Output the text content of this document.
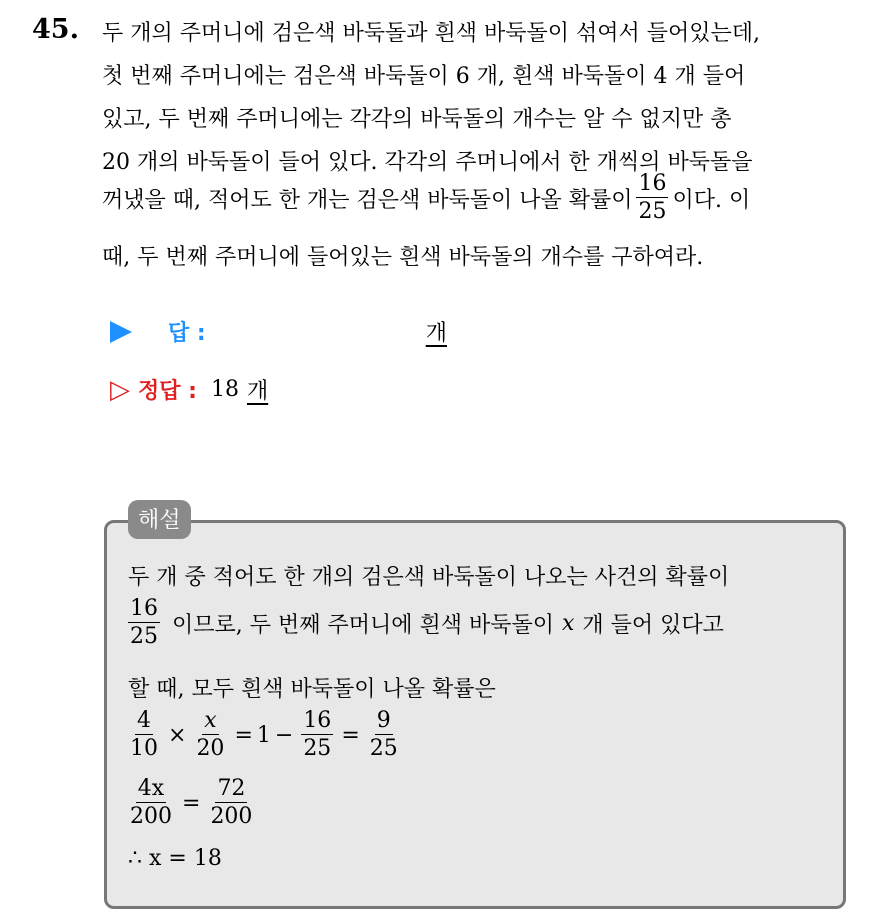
45. 두 개의 주머니에 검은색 바둑돌과 흰색 바둑돌이 섞여서 들어있는데,
첫 번째 주머니에는 검은색 바둑돌이 6 개, 흰색 바둑돌이 4 개 들어
있고, 두 번째 주머니에는 각각의 바둑돌의 개수는 알 수 없지만 총
20 개의 바둑돌이 들어 있다. 각각의 주머니에서 한 개씩의 바둑돌을
꺼냈을 때, 적어도 한 개는 검은색 바둑돌이 나올 확률이 $\frac{16}{25}$ 이다. 이
때, 두 번째 주머니에 들어있는 흰색 바둑돌의 개수를 구하여라.
답 :	개
▷ 정답 : 18 개
해설
두 개 중 적어도 한 개의 검은색 바둑돌이 나오는 사건의 확률이
$\frac{16}{25}$ 이므로, 두 번째 주머니에 흰색 바둑돌이 x 개 들어 있다고
할 때, 모두 흰색 바둑돌이 나올 확률은
$\frac{4}{10} \times \frac{x}{20} = 1 - \frac{16}{25} = \frac{9}{25}$
$\frac{4x}{200} = \frac{72}{200}$
∴ x = 18
